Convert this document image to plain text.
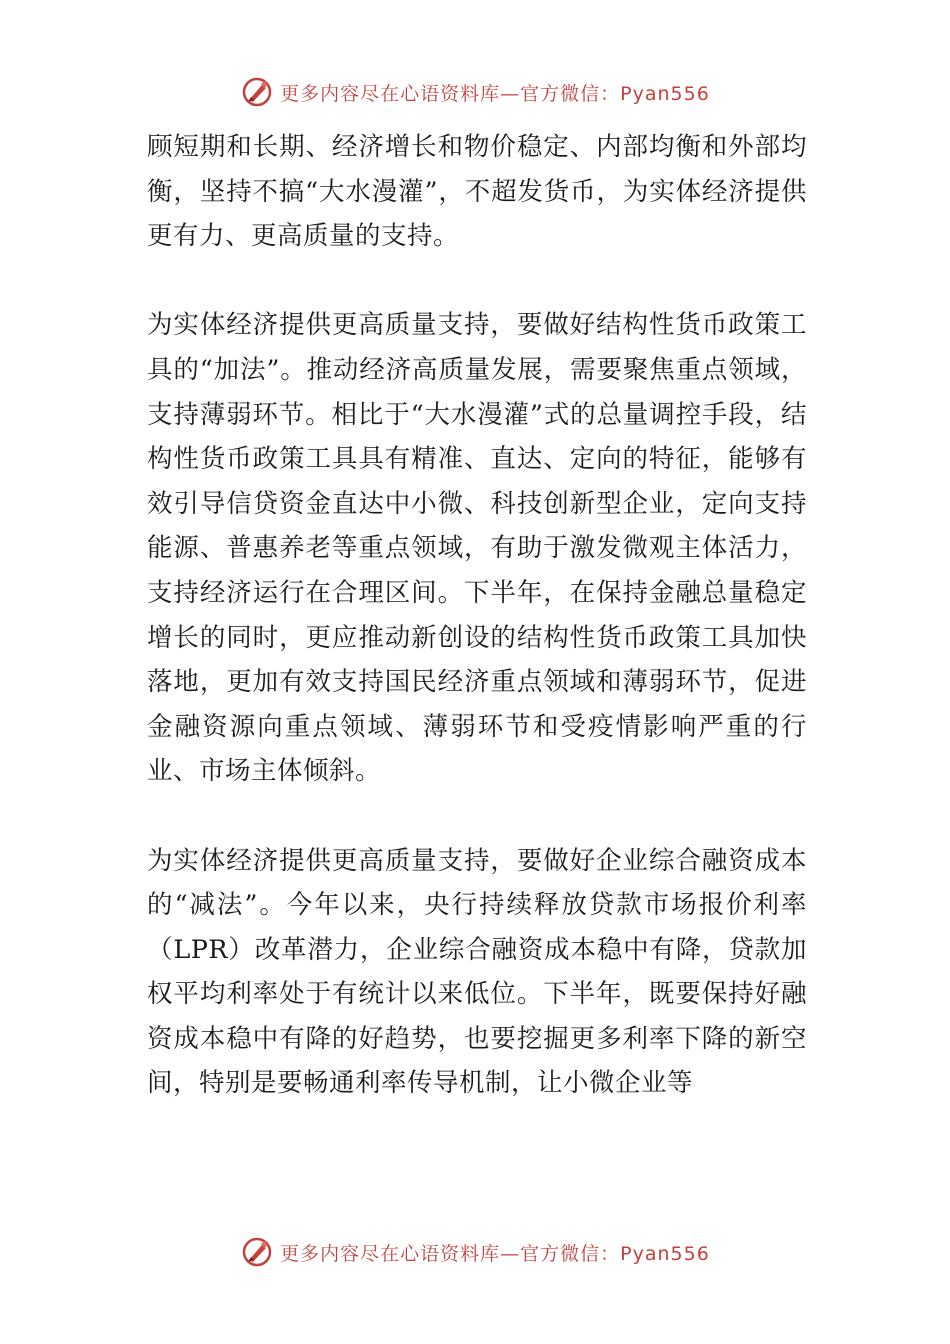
更多内容尽在心语资料库—官方微信：Pyan556

顾短期和长期、经济增长和物价稳定、内部均衡和外部均衡，坚持不搞“大水漫灌”，不超发货币，为实体经济提供更有力、更高质量的支持。

为实体经济提供更高质量支持，要做好结构性货币政策工具的“加法”。推动经济高质量发展，需要聚焦重点领域，支持薄弱环节。相比于“大水漫灌”式的总量调控手段，结构性货币政策工具具有精准、直达、定向的特征，能够有效引导信贷资金直达中小微、科技创新型企业，定向支持能源、普惠养老等重点领域，有助于激发微观主体活力，支持经济运行在合理区间。下半年，在保持金融总量稳定增长的同时，更应推动新创设的结构性货币政策工具加快落地，更加有效支持国民经济重点领域和薄弱环节，促进金融资源向重点领域、薄弱环节和受疫情影响严重的行业、市场主体倾斜。

为实体经济提供更高质量支持，要做好企业综合融资成本的“减法”。今年以来，央行持续释放贷款市场报价利率（LPR）改革潜力，企业综合融资成本稳中有降，贷款加权平均利率处于有统计以来低位。下半年，既要保持好融资成本稳中有降的好趋势，也要挖掘更多利率下降的新空间，特别是要畅通利率传导机制，让小微企业等

更多内容尽在心语资料库—官方微信：Pyan556
